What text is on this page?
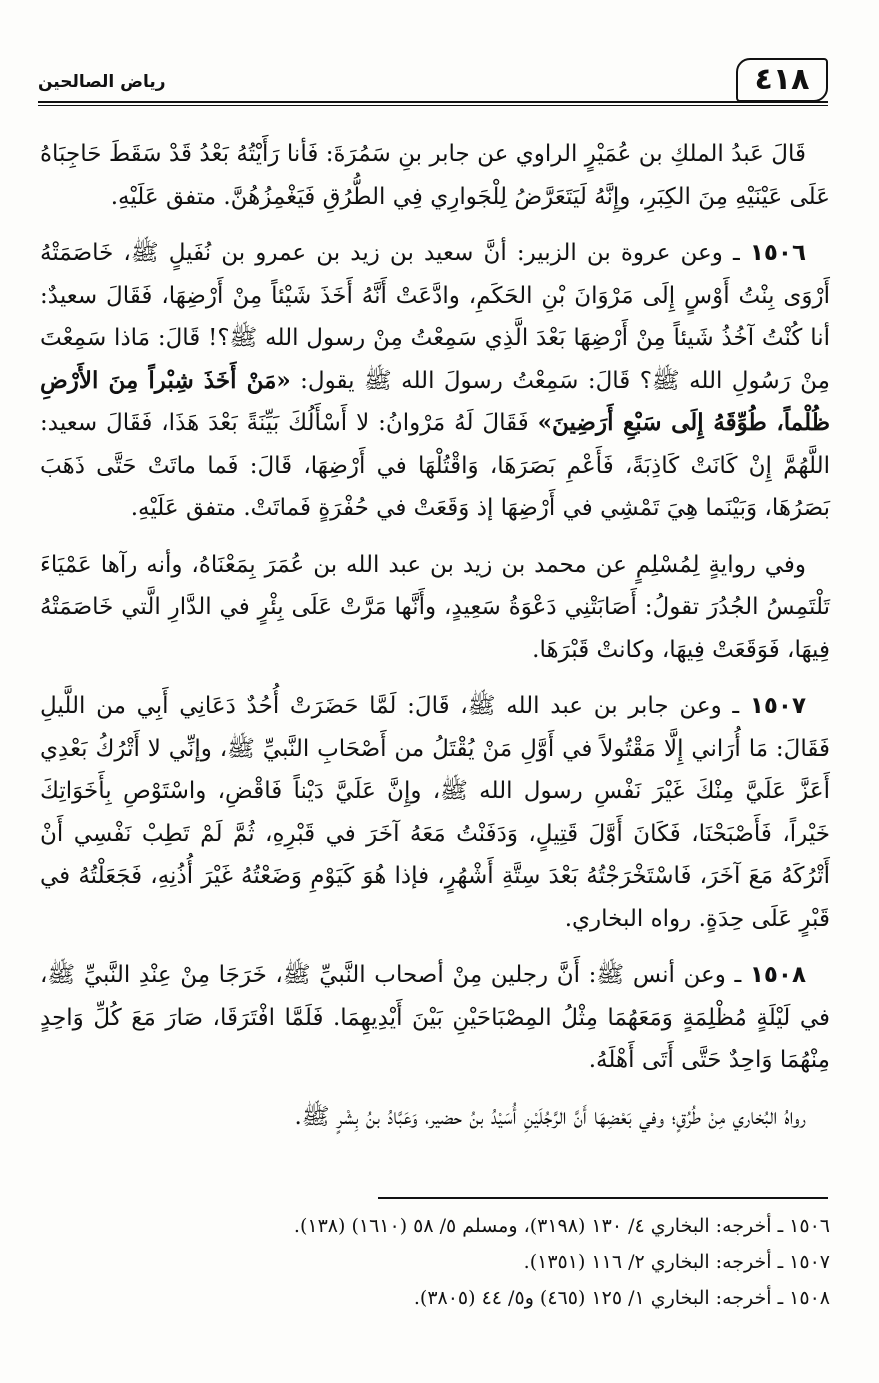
٤١٨
رياض الصالحين

قَالَ عَبدُ الملكِ بن عُمَيْرٍ الراوي عن جابر بنِ سَمُرَةَ: فَأنا رَأَيْتُهُ بَعْدُ قَدْ سَقَطَ حَاجِبَاهُ عَلَى عَيْنَيْهِ مِنَ الكِبَرِ، وإِنَّهُ لَيَتَعَرَّضُ لِلْجَوارِي فِي الطُّرُقِ فَيَغْمِزُهُنَّ. متفق عَلَيْهِ.

١٥٠٦ ـ وعن عروة بن الزبير: أنَّ سعيد بن زيد بن عمرو بن نُفَيلٍ ﷺ، خَاصَمَتْهُ أَرْوَى بِنْتُ أَوْسٍ إِلَى مَرْوَانَ بْنِ الحَكَمِ، وادَّعَتْ أَنَّهُ أَخَذَ شَيْئاً مِنْ أَرْضِهَا، فَقَالَ سعيدٌ: أنا كُنْتُ آخُذُ شَيئاً مِنْ أَرْضِهَا بَعْدَ الَّذِي سَمِعْتُ مِنْ رسول الله ﷺ؟! قَالَ: مَاذا سَمِعْتَ مِنْ رَسُولِ الله ﷺ؟ قَالَ: سَمِعْتُ رسولَ الله ﷺ يقول: «مَنْ أَخَذَ شِبْراً مِنَ الأَرْضِ ظُلْماً، طُوِّقَهُ إِلَى سَبْعِ أَرَضِينَ» فَقَالَ لَهُ مَرْوانُ: لا أَسْأَلُكَ بَيِّنَةً بَعْدَ هَذَا، فَقَالَ سعيد: اللَّهُمَّ إِنْ كَانَتْ كَاذِبَةً، فَأَعْمِ بَصَرَهَا، وَاقْتُلْهَا في أَرْضِهَا، قَالَ: فَما ماتَتْ حَتَّى ذَهَبَ بَصَرُهَا، وَبَيْنَما هِيَ تَمْشِي في أَرْضِهَا إذ وَقَعَتْ في حُفْرَةٍ فَماتَتْ. متفق عَلَيْهِ.

وفي روايةٍ لِمُسْلِمٍ عن محمد بن زيد بن عبد الله بن عُمَرَ بِمَعْنَاهُ، وأنه رآها عَمْيَاءَ تَلْتَمِسُ الجُدُرَ تقولُ: أَصَابَتْنِي دَعْوَةُ سَعِيدٍ، وأَنَّها مَرَّتْ عَلَى بِئْرٍ في الدَّارِ الَّتي خَاصَمَتْهُ فِيهَا، فَوَقَعَتْ فِيهَا، وكانتْ قَبْرَهَا.

١٥٠٧ ـ وعن جابر بن عبد الله ﷺ، قَالَ: لَمَّا حَضَرَتْ أُحُدٌ دَعَانِي أَبِي من اللَّيلِ فَقَالَ: مَا أُرَاني إِلَّا مَقْتُولاً في أَوَّلِ مَنْ يُقْتَلُ من أَصْحَابِ النَّبيِّ ﷺ، وإنِّي لا أَتْرُكُ بَعْدِي أَعَزَّ عَلَيَّ مِنْكَ غَيْرَ نَفْسِ رسول الله ﷺ، وإِنَّ عَلَيَّ دَيْناً فَاقْضِ، واسْتَوْصِ بِأَخَوَاتِكَ خَيْراً، فَأَصْبَحْنَا، فَكَانَ أَوَّلَ قَتِيلٍ، وَدَفَنْتُ مَعَهُ آخَرَ في قَبْرِهِ، ثُمَّ لَمْ تَطِبْ نَفْسِي أَنْ أَتْرُكَهُ مَعَ آخَرَ، فَاسْتَخْرَجْتُهُ بَعْدَ سِتَّةِ أَشْهُرٍ، فإذا هُوَ كَيَوْمِ وَضَعْتُهُ غَيْرَ أُذُنِهِ، فَجَعَلْتُهُ في قَبْرٍ عَلَى حِدَةٍ. رواه البخاري.

١٥٠٨ ـ وعن أنس ﷺ: أَنَّ رجلين مِنْ أصحاب النَّبيِّ ﷺ، خَرَجَا مِنْ عِنْدِ النَّبيِّ ﷺ، في لَيْلَةٍ مُظْلِمَةٍ وَمَعَهُمَا مِثْلُ المِصْبَاحَيْنِ بَيْنَ أَيْدِيهِمَا. فَلَمَّا افْتَرَقَا، صَارَ مَعَ كُلِّ وَاحِدٍ مِنْهُمَا وَاحِدٌ حَتَّى أَتَى أَهْلَهُ.

رواهُ البُخاري مِنْ طُرُقٍ؛ وفي بَعْضِهَا أَنَّ الرَّجُلَيْنِ أُسَيْدُ بنُ حضير، وَعَبَّادُ بنُ بِشْرٍ ﷺ.

١٥٠٦ ـ أخرجه: البخاري ٤/ ١٣٠ (٣١٩٨)، ومسلم ٥/ ٥٨ (١٦١٠) (١٣٨).
١٥٠٧ ـ أخرجه: البخاري ٢/ ١١٦ (١٣٥١).
١٥٠٨ ـ أخرجه: البخاري ١/ ١٢٥ (٤٦٥) و٥/ ٤٤ (٣٨٠٥).
